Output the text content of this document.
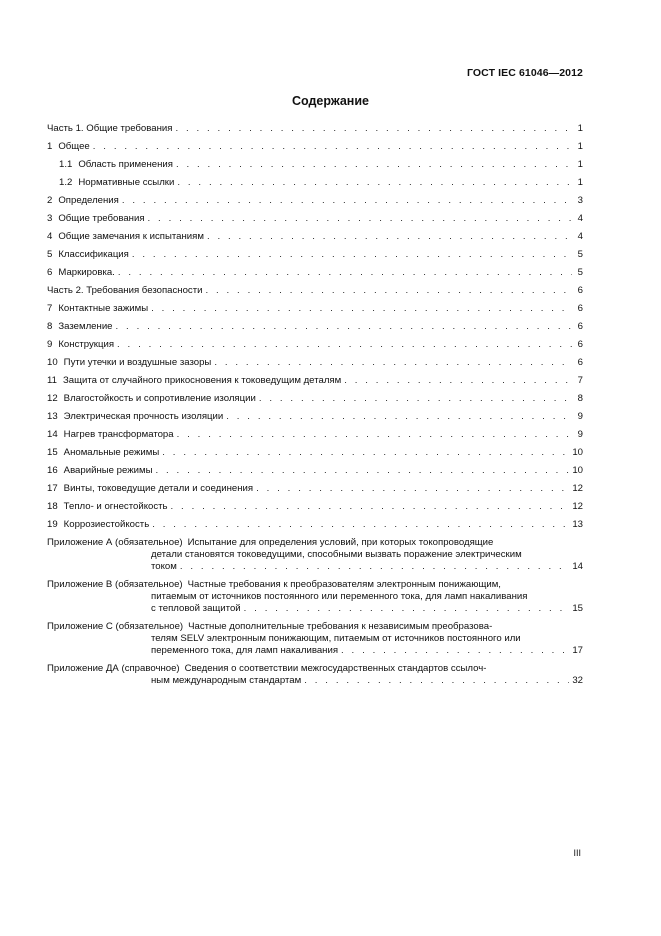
ГОСТ IEC 61046—2012
Содержание
Часть 1. Общие требования . . .	1
1 Общее . . .	1
1.1 Область применения . . .	1
1.2 Нормативные ссылки . . .	1
2 Определения . . .	3
3 Общие требования . . .	4
4 Общие замечания к испытаниям . . .	4
5 Классификация . . .	5
6 Маркировка. . . .	5
Часть 2. Требования безопасности . . .	6
7 Контактные зажимы . . .	6
8 Заземление . . .	6
9 Конструкция . . .	6
10 Пути утечки и воздушные зазоры . . .	6
11 Защита от случайного прикосновения к токоведущим деталям . . .	7
12 Влагостойкость и сопротивление изоляции . . .	8
13 Электрическая прочность изоляции . . .	9
14 Нагрев трансформатора . . .	9
15 Аномальные режимы . . .	10
16 Аварийные режимы . . .	10
17 Винты, токоведущие детали и соединения . . .	12
18 Тепло- и огнестойкость . . .	12
19 Коррозиестойкость . . .	13
Приложение А (обязательное) Испытание для определения условий, при которых токопроводящие
детали становятся токоведущими, способными вызвать поражение электрическим
током . . .	14
Приложение В (обязательное) Частные требования к преобразователям электронным понижающим,
питаемым от источников постоянного или переменного тока, для ламп накаливания
с тепловой защитой . . .	15
Приложение С (обязательное) Частные дополнительные требования к независимым преобразова-
телям SELV электронным понижающим, питаемым от источников постоянного или
переменного тока, для ламп накаливания . . .	17
Приложение ДА (справочное) Сведения о соответствии межгосударственных стандартов ссылоч-
ным международным стандартам . . .	32
III
